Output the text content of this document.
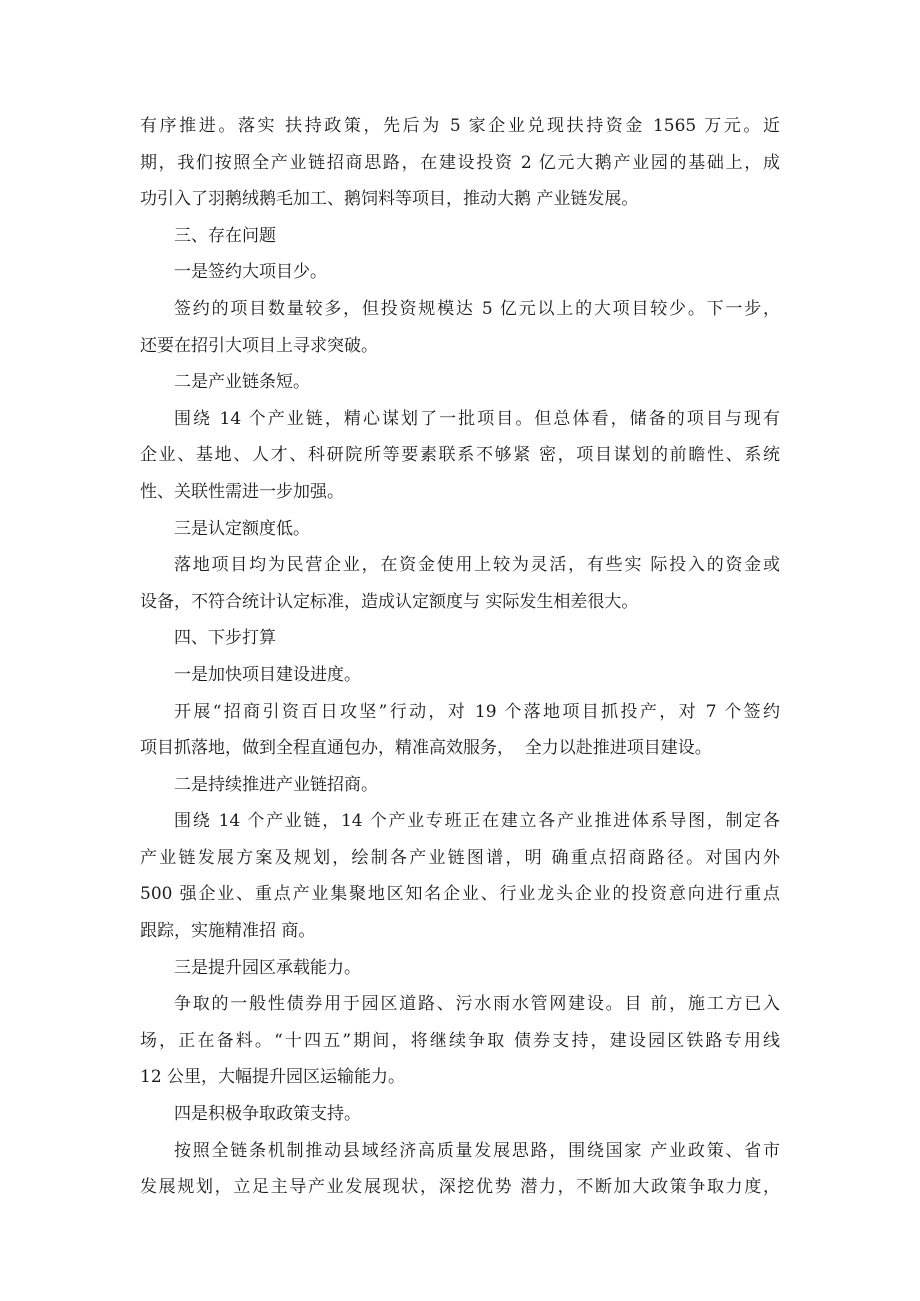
有序推进。落实 扶持政策，先后为 5 家企业兑现扶持资金 1565 万元。近
期，我们按照全产业链招商思路，在建设投资 2 亿元大鹅产业园的基础上，成
功引入了羽鹅绒鹅毛加工、鹅饲料等项目，推动大鹅 产业链发展。
三、存在问题
一是签约大项目少。
签约的项目数量较多，但投资规模达 5 亿元以上的大项目较少。下一步，
还要在招引大项目上寻求突破。
二是产业链条短。
围绕 14 个产业链，精心谋划了一批项目。但总体看，储备的项目与现有
企业、基地、人才、科研院所等要素联系不够紧 密，项目谋划的前瞻性、系统
性、关联性需进一步加强。
三是认定额度低。
落地项目均为民营企业，在资金使用上较为灵活，有些实 际投入的资金或
设备，不符合统计认定标准，造成认定额度与 实际发生相差很大。
四、下步打算
一是加快项目建设进度。
开展“招商引资百日攻坚”行动，对 19 个落地项目抓投产，对 7 个签约
项目抓落地，做到全程直通包办，精准高效服务，  全力以赴推进项目建设。
二是持续推进产业链招商。
围绕 14 个产业链，14 个产业专班正在建立各产业推进体系导图，制定各
产业链发展方案及规划，绘制各产业链图谱，明 确重点招商路径。对国内外
500 强企业、重点产业集聚地区知名企业、行业龙头企业的投资意向进行重点
跟踪，实施精准招 商。
三是提升园区承载能力。
争取的一般性债券用于园区道路、污水雨水管网建设。目 前，施工方已入
场，正在备料。“十四五”期间，将继续争取 债券支持，建设园区铁路专用线
12 公里，大幅提升园区运输能力。
四是积极争取政策支持。
按照全链条机制推动县域经济高质量发展思路，围绕国家 产业政策、省市
发展规划，立足主导产业发展现状，深挖优势 潜力，不断加大政策争取力度，
